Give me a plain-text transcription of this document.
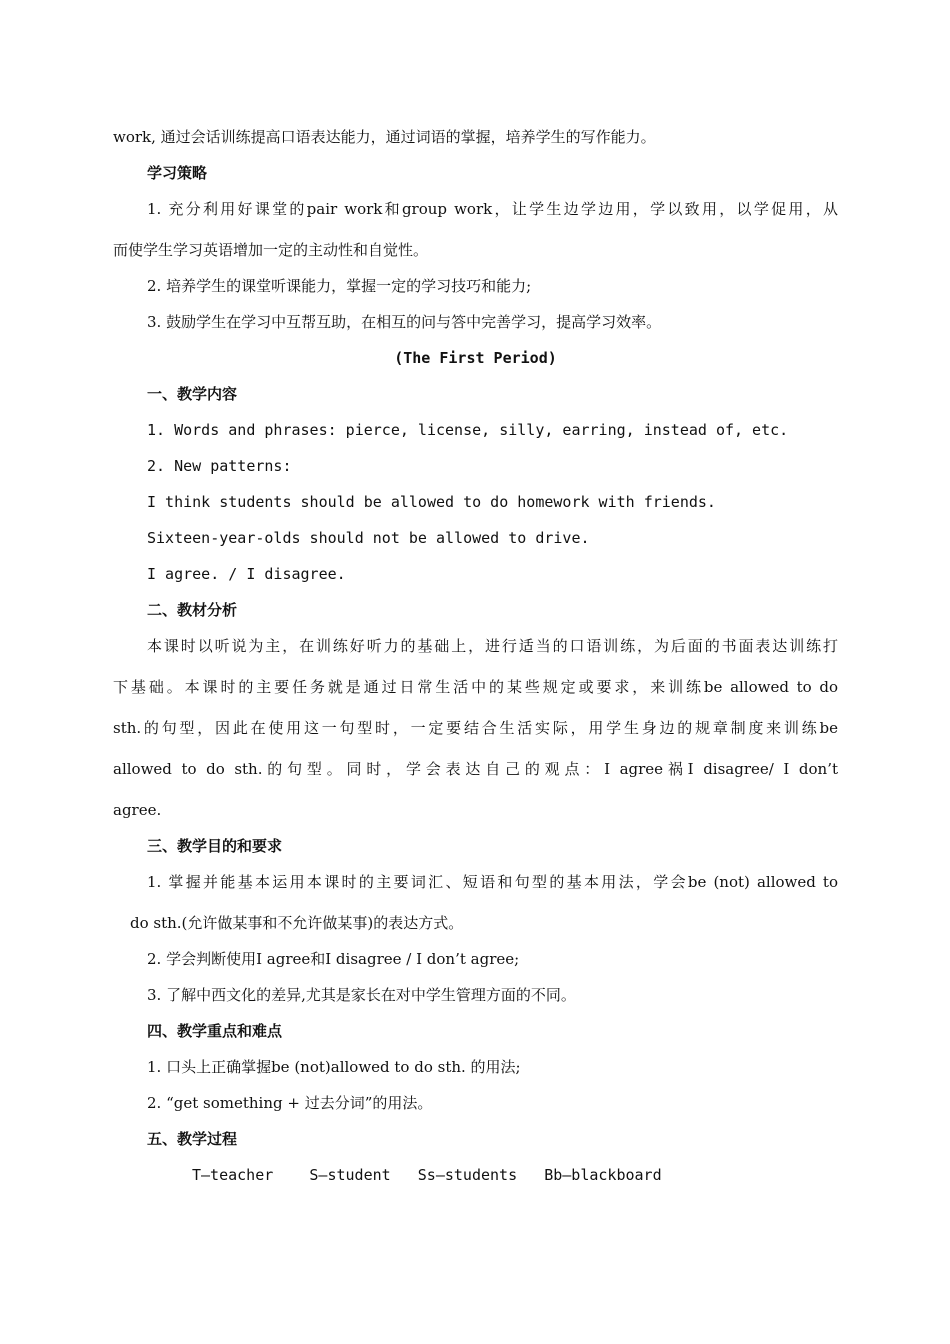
work, 通过会话训练提高口语表达能力，通过词语的掌握，培养学生的写作能力。
学习策略
1. 充分利用好课堂的pair work和group work，让学生边学边用，学以致用，以学促用，从
而使学生学习英语增加一定的主动性和自觉性。
2. 培养学生的课堂听课能力，掌握一定的学习技巧和能力;
3. 鼓励学生在学习中互帮互助，在相互的问与答中完善学习，提高学习效率。
(The First Period)
一、教学内容
1. Words and phrases: pierce, license, silly, earring, instead of, etc.
2. New patterns:
I think students should be allowed to do homework with friends.
Sixteen-year-olds should not be allowed to drive.
I agree. / I disagree.
二、教材分析
本课时以听说为主，在训练好听力的基础上，进行适当的口语训练，为后面的书面表达训练打
下基础。本课时的主要任务就是通过日常生活中的某些规定或要求，来训练be allowed to do
sth.的句型，因此在使用这一句型时，一定要结合生活实际，用学生身边的规章制度来训练be
allowed to do sth.的句型。同时，学会表达自己的观点：I agree祸I disagree/ I don’t
agree.
三、教学目的和要求
1. 掌握并能基本运用本课时的主要词汇、短语和句型的基本用法，学会be (not) allowed to
do sth.(允许做某事和不允许做某事)的表达方式。
2. 学会判断使用I agree和I disagree / I don’t agree;
3. 了解中西文化的差异,尤其是家长在对中学生管理方面的不同。
四、教学重点和难点
1. 口头上正确掌握be (not)allowed to do sth. 的用法;
2. “get something + 过去分词”的用法。
五、教学过程
T—teacher    S—student   Ss—students   Bb—blackboard
